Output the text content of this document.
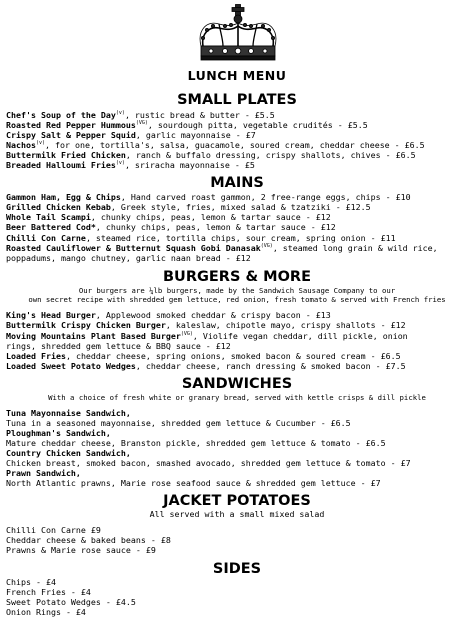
LUNCH MENU
SMALL PLATES
Chef's Soup of the Day$^{(v)}$, rustic bread & butter - £5.5
Roasted Red Pepper Hummous$^{(VG)}$, sourdough pitta, vegetable crudités - £5.5
Crispy Salt & Pepper Squid, garlic mayonnaise - £7
Nachos$^{(v)}$, for one, tortilla's, salsa, guacamole, soured cream, cheddar cheese - £6.5
Buttermilk Fried Chicken, ranch & buffalo dressing, crispy shallots, chives - £6.5
Breaded Halloumi Fries$^{(v)}$, sriracha mayonnaise - £5
MAINS
Gammon Ham, Egg & Chips, Hand carved roast gammon, 2 free-range eggs, chips - £10
Grilled Chicken Kebab, Greek style, fries, mixed salad & tzatziki - £12.5
Whole Tail Scampi, chunky chips, peas, lemon & tartar sauce - £12
Beer Battered Cod*, chunky chips, peas, lemon & tartar sauce - £12
Chilli Con Carne, steamed rice, tortilla chips, sour cream, spring onion - £11
Roasted Cauliflower & Butternut Squash Gobi Danasak$^{(VG)}$, steamed long grain & wild rice,
poppadums, mango chutney, garlic naan bread - £12
BURGERS & MORE
Our burgers are ¼lb burgers, made by the Sandwich Sausage Company to our
own secret recipe with shredded gem lettuce, red onion, fresh tomato & served with French fries
King's Head Burger, Applewood smoked cheddar & crispy bacon - £13
Buttermilk Crispy Chicken Burger, kaleslaw, chipotle mayo, crispy shallots - £12
Moving Mountains Plant Based Burger$^{(VG)}$, Violife vegan cheddar, dill pickle, onion
rings, shredded gem lettuce & BBQ sauce - £12
Loaded Fries, cheddar cheese, spring onions, smoked bacon & soured cream - £6.5
Loaded Sweet Potato Wedges, cheddar cheese, ranch dressing & smoked bacon - £7.5
SANDWICHES
With a choice of fresh white or granary bread, served with kettle crisps & dill pickle
Tuna Mayonnaise Sandwich,
Tuna in a seasoned mayonnaise, shredded gem lettuce & Cucumber - £6.5
Ploughman's Sandwich,
Mature cheddar cheese, Branston pickle, shredded gem lettuce & tomato - £6.5
Country Chicken Sandwich,
Chicken breast, smoked bacon, smashed avocado, shredded gem lettuce & tomato - £7
Prawn Sandwich,
North Atlantic prawns, Marie rose seafood sauce & shredded gem lettuce - £7
JACKET POTATOES
All served with a small mixed salad
Chilli Con Carne £9
Cheddar cheese & baked beans - £8
Prawns & Marie rose sauce - £9
SIDES
Chips - £4
French Fries - £4
Sweet Potato Wedges - £4.5
Onion Rings - £4
